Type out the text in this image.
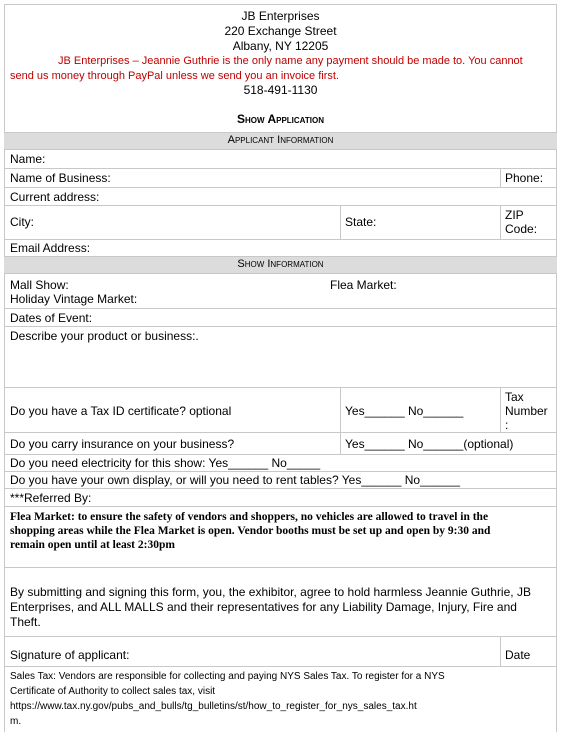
JB Enterprises
220 Exchange Street
Albany, NY 12205
JB Enterprises – Jeannie Guthrie is the only name any payment should be made to. You cannot
send us money through PayPal unless we send you an invoice first.
518-491-1130
Show Application
Applicant Information
Name:
Name of Business:	Phone:
Current address:
City:	State:	ZIP
Code:
Email Address:
Show Information
Mall Show:	Flea Market:
Holiday Vintage Market:
Dates of Event:
Describe your product or business:.
Do you have a Tax ID certificate? optional	Yes______ No______
Tax
Number
:
Do you carry insurance on your business?	Yes______ No______(optional)
Do you need electricity for this show: Yes______ No_____
Do you have your own display, or will you need to rent tables? Yes______ No______
***Referred By:
Flea Market: to ensure the safety of vendors and shoppers, no vehicles are allowed to travel in the
shopping areas while the Flea Market is open. Vendor booths must be set up and open by 9:30 and
remain open until at least 2:30pm
By submitting and signing this form, you, the exhibitor, agree to hold harmless Jeannie Guthrie, JB
Enterprises, and ALL MALLS and their representatives for any Liability Damage, Injury, Fire and
Theft.
Signature of applicant:	Date
Sales Tax: Vendors are responsible for collecting and paying NYS Sales Tax. To register for a NYS
Certificate of Authority to collect sales tax, visit
https://www.tax.ny.gov/pubs_and_bulls/tg_bulletins/st/how_to_register_for_nys_sales_tax.ht
m.
